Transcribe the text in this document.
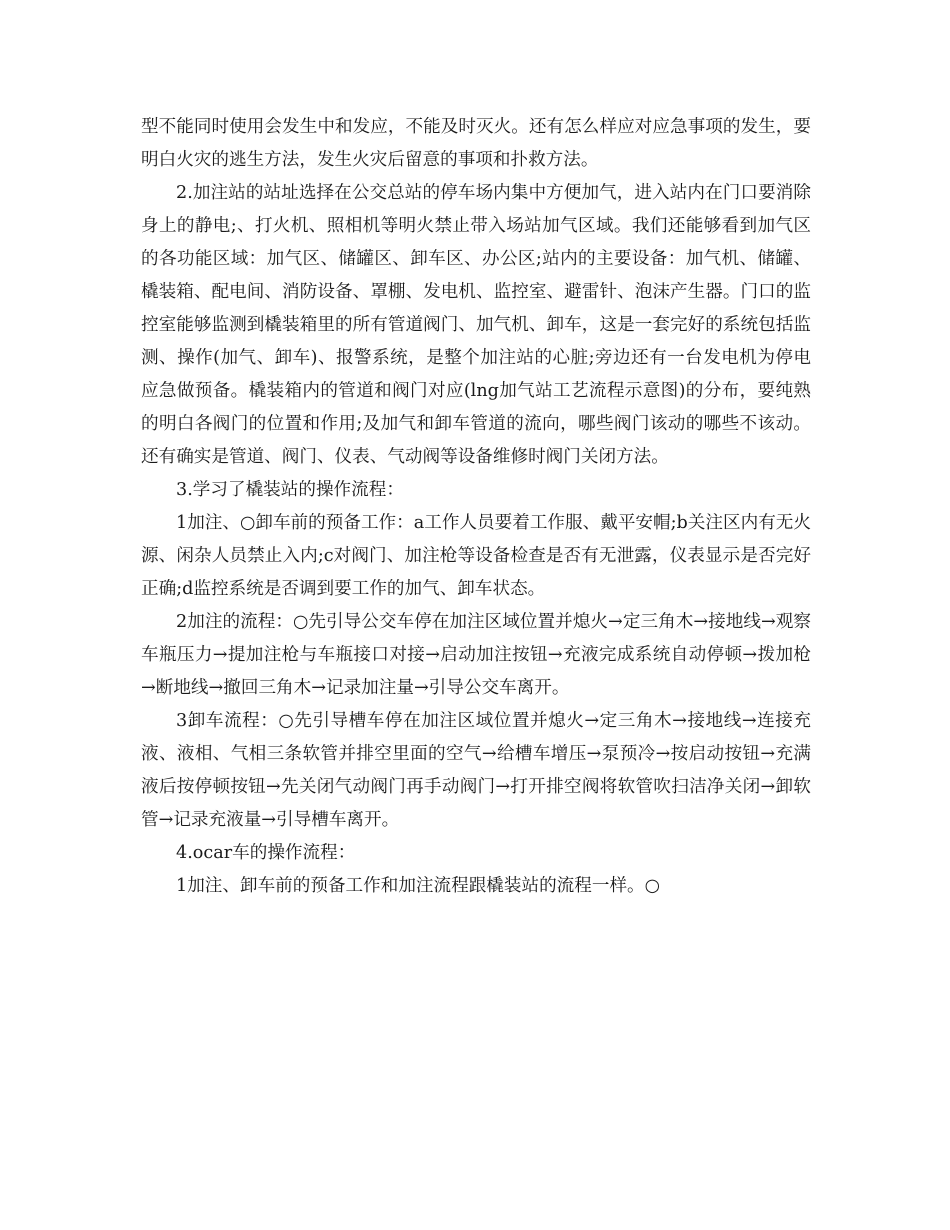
型不能同时使用会发生中和发应，不能及时灭火。还有怎么样应对应急事项的发生，要明白火灾的逃生方法，发生火灾后留意的事项和扑救方法。

2.加注站的站址选择在公交总站的停车场内集中方便加气，进入站内在门口要消除身上的静电;、打火机、照相机等明火禁止带入场站加气区域。我们还能够看到加气区的各功能区域：加气区、储罐区、卸车区、办公区;站内的主要设备：加气机、储罐、橇装箱、配电间、消防设备、罩棚、发电机、监控室、避雷针、泡沫产生器。门口的监控室能够监测到橇装箱里的所有管道阀门、加气机、卸车，这是一套完好的系统包括监测、操作(加气、卸车)、报警系统，是整个加注站的心脏;旁边还有一台发电机为停电应急做预备。橇装箱内的管道和阀门对应(lng加气站工艺流程示意图)的分布，要纯熟的明白各阀门的位置和作用;及加气和卸车管道的流向，哪些阀门该动的哪些不该动。还有确实是管道、阀门、仪表、气动阀等设备维修时阀门关闭方法。

3.学习了橇装站的操作流程：

1加注、○卸车前的预备工作：a工作人员要着工作服、戴平安帽;b关注区内有无火源、闲杂人员禁止入内;c对阀门、加注枪等设备检查是否有无泄露，仪表显示是否完好正确;d监控系统是否调到要工作的加气、卸车状态。

2加注的流程：○先引导公交车停在加注区域位置并熄火→定三角木→接地线→观察车瓶压力→提加注枪与车瓶接口对接→启动加注按钮→充液完成系统自动停顿→拨加枪→断地线→撤回三角木→记录加注量→引导公交车离开。

3卸车流程：○先引导槽车停在加注区域位置并熄火→定三角木→接地线→连接充液、液相、气相三条软管并排空里面的空气→给槽车增压→泵预冷→按启动按钮→充满液后按停顿按钮→先关闭气动阀门再手动阀门→打开排空阀将软管吹扫洁净关闭→卸软管→记录充液量→引导槽车离开。

4.ocar车的操作流程：

1加注、卸车前的预备工作和加注流程跟橇装站的流程一样。○
